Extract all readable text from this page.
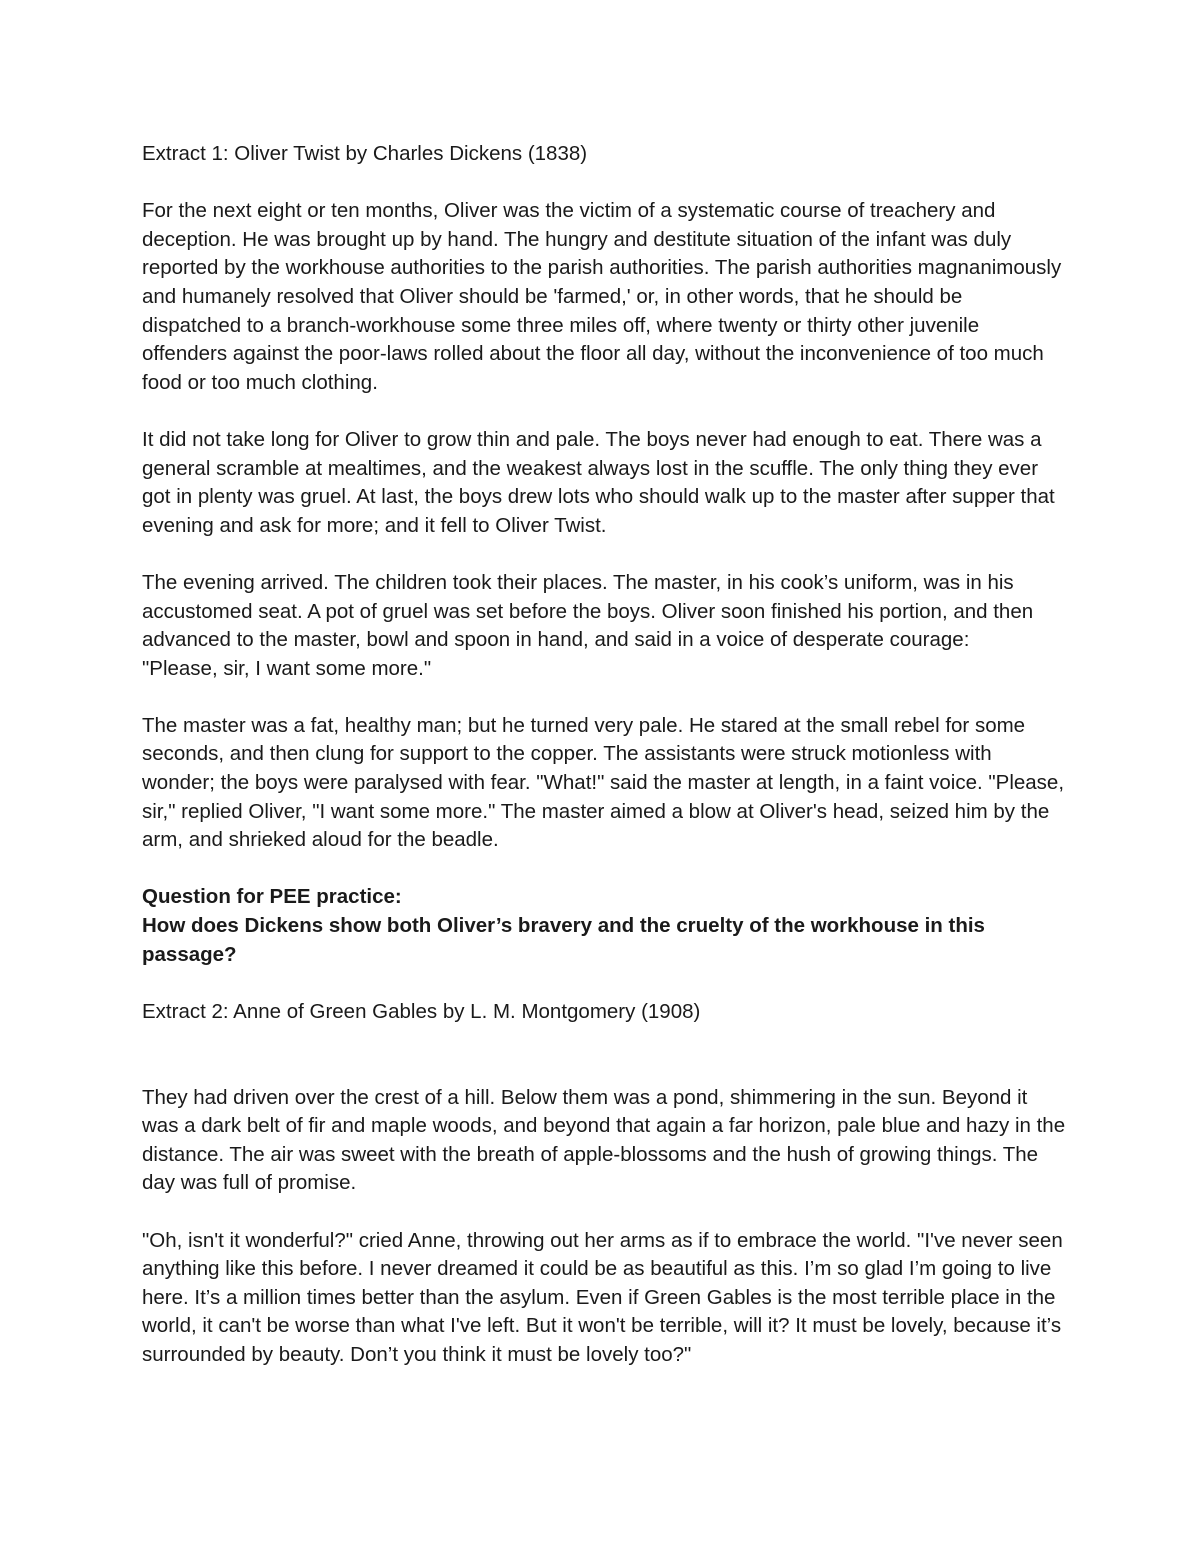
Extract 1: Oliver Twist by Charles Dickens (1838)

For the next eight or ten months, Oliver was the victim of a systematic course of treachery and deception. He was brought up by hand. The hungry and destitute situation of the infant was duly reported by the workhouse authorities to the parish authorities. The parish authorities magnanimously and humanely resolved that Oliver should be 'farmed,' or, in other words, that he should be dispatched to a branch-workhouse some three miles off, where twenty or thirty other juvenile offenders against the poor-laws rolled about the floor all day, without the inconvenience of too much food or too much clothing.

It did not take long for Oliver to grow thin and pale. The boys never had enough to eat. There was a general scramble at mealtimes, and the weakest always lost in the scuffle. The only thing they ever got in plenty was gruel. At last, the boys drew lots who should walk up to the master after supper that evening and ask for more; and it fell to Oliver Twist.

The evening arrived. The children took their places. The master, in his cook’s uniform, was in his accustomed seat. A pot of gruel was set before the boys. Oliver soon finished his portion, and then advanced to the master, bowl and spoon in hand, and said in a voice of desperate courage:

"Please, sir, I want some more."

The master was a fat, healthy man; but he turned very pale. He stared at the small rebel for some seconds, and then clung for support to the copper. The assistants were struck motionless with wonder; the boys were paralysed with fear. "What!" said the master at length, in a faint voice. "Please, sir," replied Oliver, "I want some more." The master aimed a blow at Oliver's head, seized him by the arm, and shrieked aloud for the beadle.

Question for PEE practice:

How does Dickens show both Oliver’s bravery and the cruelty of the workhouse in this passage?

Extract 2: Anne of Green Gables by L. M. Montgomery (1908)

They had driven over the crest of a hill. Below them was a pond, shimmering in the sun. Beyond it was a dark belt of fir and maple woods, and beyond that again a far horizon, pale blue and hazy in the distance. The air was sweet with the breath of apple-blossoms and the hush of growing things. The day was full of promise.

"Oh, isn't it wonderful?" cried Anne, throwing out her arms as if to embrace the world. "I've never seen anything like this before. I never dreamed it could be as beautiful as this. I’m so glad I’m going to live here. It’s a million times better than the asylum. Even if Green Gables is the most terrible place in the world, it can't be worse than what I've left. But it won't be terrible, will it? It must be lovely, because it’s surrounded by beauty. Don’t you think it must be lovely too?"
